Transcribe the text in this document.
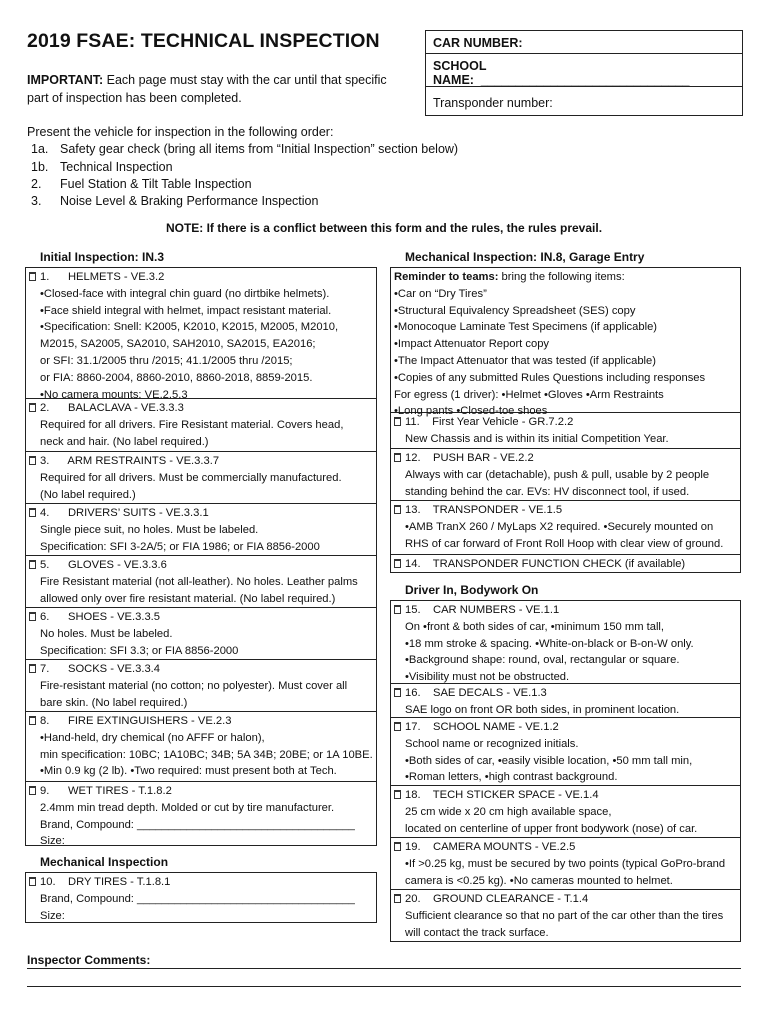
2019 FSAE: TECHNICAL INSPECTION	CAR NUMBER:
SCHOOL NAME: ______________________________
Transponder number:
IMPORTANT: Each page must stay with the car until that specific part of inspection has been completed.
Present the vehicle for inspection in the following order:
1a. Safety gear check (bring all items from “Initial Inspection” section below)
1b. Technical Inspection
2.	Fuel Station & Tilt Table Inspection
3.	Noise Level & Braking Performance Inspection
NOTE: If there is a conflict between this form and the rules, the rules prevail.
Initial Inspection: IN.3
1.      HELMETS - VE.3.2
•Closed-face with integral chin guard (no dirtbike helmets).
•Face shield integral with helmet, impact resistant material.
•Specification: Snell: K2005, K2010, K2015, M2005, M2010,
M2015, SA2005, SA2010, SAH2010, SA2015, EA2016;
or SFI: 31.1/2005 thru /2015; 41.1/2005 thru /2015;
or FIA: 8860-2004, 8860-2010, 8860-2018, 8859-2015.
•No camera mounts: VE.2.5.3
2.      BALACLAVA - VE.3.3.3
Required for all drivers. Fire Resistant material. Covers head,
neck and hair. (No label required.)
3.      ARM RESTRAINTS - VE.3.3.7
Required for all drivers. Must be commercially manufactured.
(No label required.)
4.      DRIVERS’ SUITS - VE.3.3.1
Single piece suit, no holes. Must be labeled.
Specification: SFI 3-2A/5; or FIA 1986; or FIA 8856-2000
5.      GLOVES - VE.3.3.6
Fire Resistant material (not all-leather). No holes. Leather palms
allowed only over fire resistant material. (No label required.)
6.      SHOES - VE.3.3.5
No holes. Must be labeled.
Specification: SFI 3.3; or FIA 8856-2000
7.      SOCKS - VE.3.3.4
Fire-resistant material (no cotton; no polyester). Must cover all
bare skin. (No label required.)
8.      FIRE EXTINGUISHERS - VE.2.3
•Hand-held, dry chemical (no AFFF or halon),
min specification: 10BC; 1A10BC; 34B; 5A 34B; 20BE; or 1A 10BE.
•Min 0.9 kg (2 lb). •Two required: must present both at Tech.
9.      WET TIRES - T.1.8.2
2.4mm min tread depth. Molded or cut by tire manufacturer.
Brand, Compound: ___________________________________
Size:
Mechanical Inspection
10.    DRY TIRES - T.1.8.1
Brand, Compound: ___________________________________
Size:
Mechanical Inspection: IN.8, Garage Entry
Reminder to teams: bring the following items:
•Car on “Dry Tires”
•Structural Equivalency Spreadsheet (SES) copy
•Monocoque Laminate Test Specimens (if applicable)
•Impact Attenuator Report copy
•The Impact Attenuator that was tested (if applicable)
•Copies of any submitted Rules Questions including responses
For egress (1 driver): •Helmet •Gloves •Arm Restraints
•Long pants •Closed-toe shoes
11.    First Year Vehicle - GR.7.2.2
New Chassis and is within its initial Competition Year.
12.    PUSH BAR - VE.2.2
Always with car (detachable), push & pull, usable by 2 people
standing behind the car. EVs: HV disconnect tool, if used.
13.    TRANSPONDER - VE.1.5
•AMB TranX 260 / MyLaps X2 required. •Securely mounted on
RHS of car forward of Front Roll Hoop with clear view of ground.
14.    TRANSPONDER FUNCTION CHECK (if available)
Driver In, Bodywork On
15.    CAR NUMBERS - VE.1.1
On •front & both sides of car, •minimum 150 mm tall,
•18 mm stroke & spacing. •White-on-black or B-on-W only.
•Background shape: round, oval, rectangular or square.
•Visibility must not be obstructed.
16.    SAE DECALS - VE.1.3
SAE logo on front OR both sides, in prominent location.
17.    SCHOOL NAME - VE.1.2
School name or recognized initials.
•Both sides of car, •easily visible location, •50 mm tall min,
•Roman letters, •high contrast background.
18.    TECH STICKER SPACE - VE.1.4
25 cm wide x 20 cm high available space,
located on centerline of upper front bodywork (nose) of car.
19.    CAMERA MOUNTS - VE.2.5
•If >0.25 kg, must be secured by two points (typical GoPro-brand
camera is <0.25 kg). •No cameras mounted to helmet.
20.    GROUND CLEARANCE - T.1.4
Sufficient clearance so that no part of the car other than the tires
will contact the track surface.
Inspector Comments:
